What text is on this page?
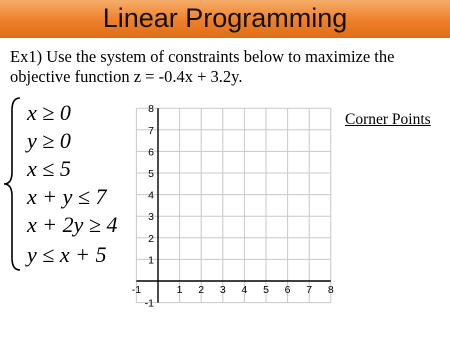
Linear Programming
Ex1) Use the system of constraints below to maximize the
objective function z = -0.4x + 3.2y.
x ≥ 0
y ≥ 0
x ≤ 5
x + y ≤ 7
x + 2y ≥ 4
y ≤ x + 5
-1	1 2 3 4 5 6 7 8
8
7
6
5
4
3
2
1
-1
Corner Points
